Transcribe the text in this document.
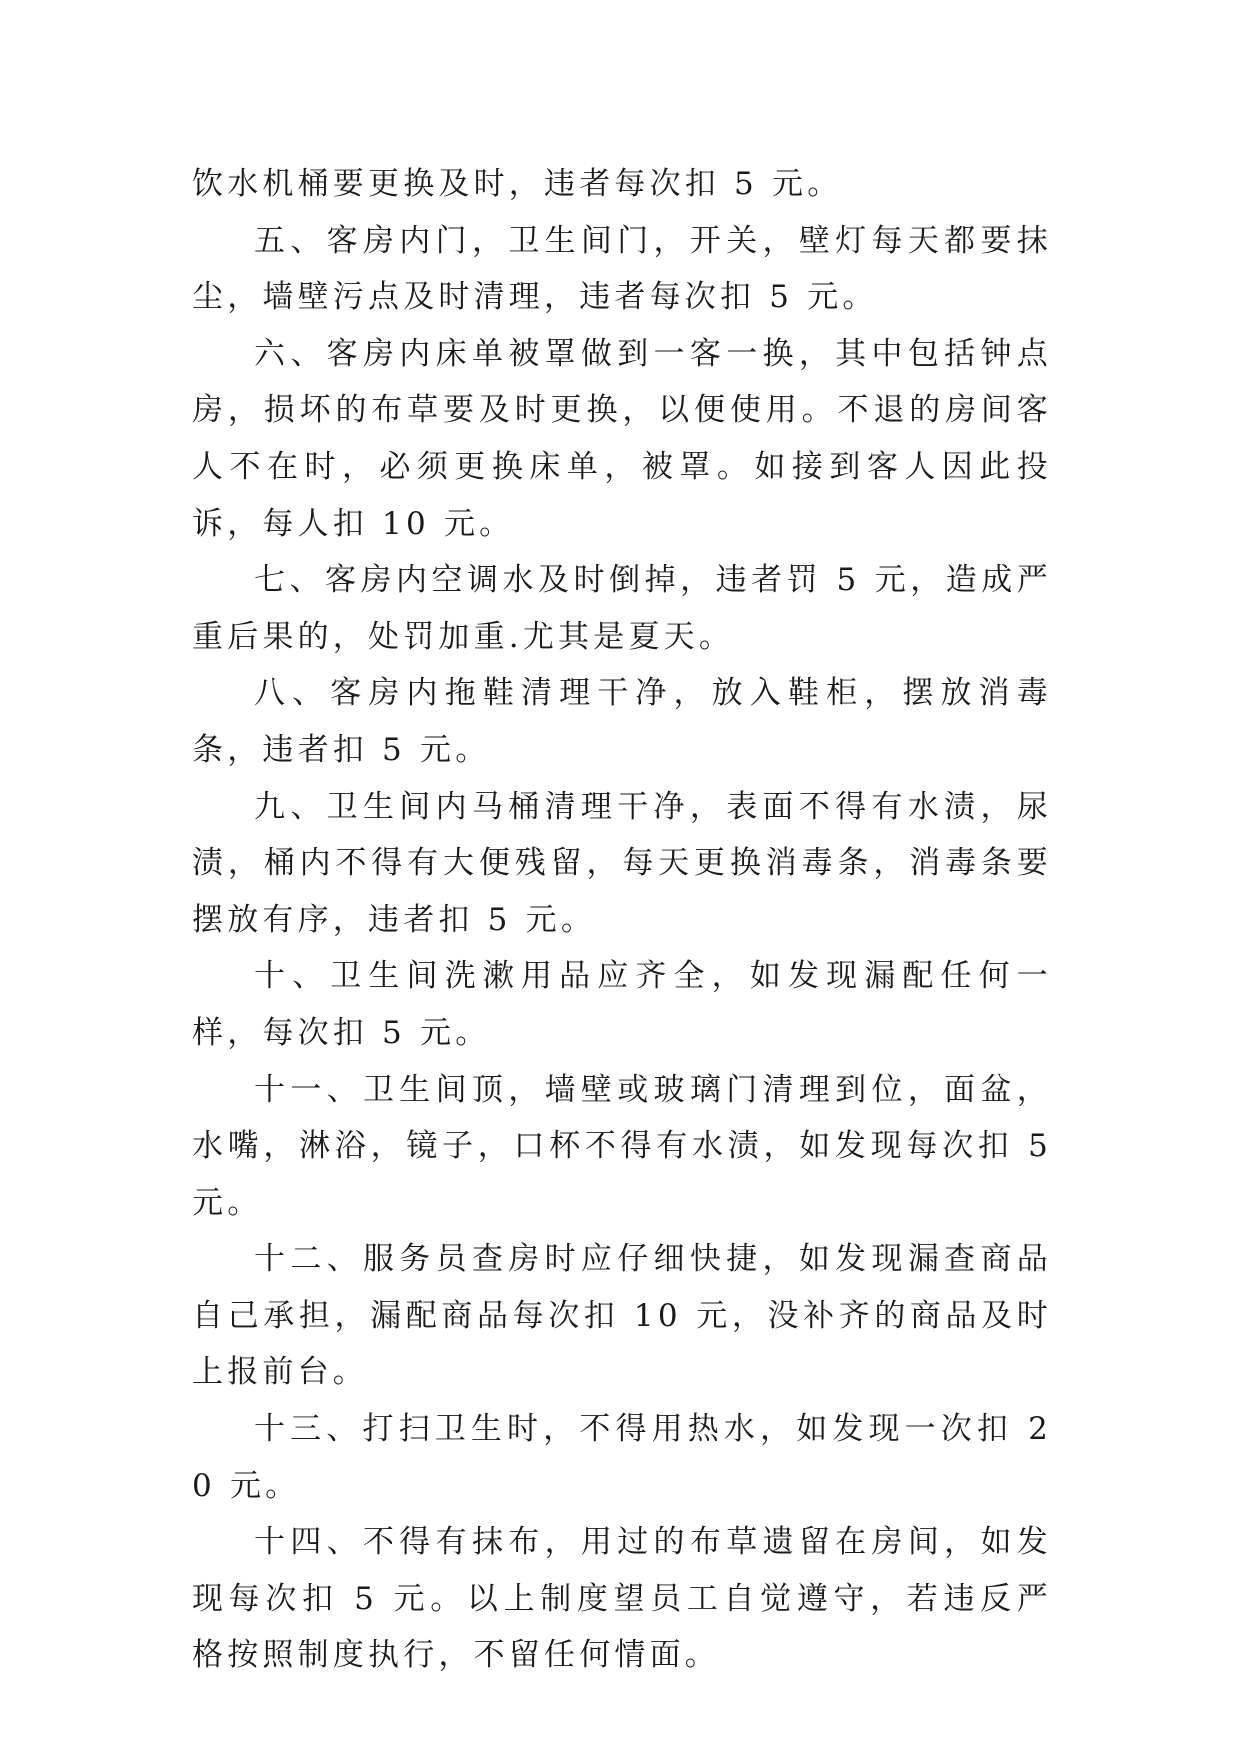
饮水机桶要更换及时，违者每次扣 5 元。

五、客房内门，卫生间门，开关，壁灯每天都要抹尘，墙壁污点及时清理，违者每次扣 5 元。

六、客房内床单被罩做到一客一换，其中包括钟点房，损坏的布草要及时更换，以便使用。不退的房间客人不在时，必须更换床单，被罩。如接到客人因此投诉，每人扣 10 元。

七、客房内空调水及时倒掉，违者罚 5 元，造成严重后果的，处罚加重.尤其是夏天。

八、客房内拖鞋清理干净，放入鞋柜，摆放消毒条，违者扣 5 元。

九、卫生间内马桶清理干净，表面不得有水渍，尿渍，桶内不得有大便残留，每天更换消毒条，消毒条要摆放有序，违者扣 5 元。

十、卫生间洗漱用品应齐全，如发现漏配任何一样，每次扣 5 元。

十一、卫生间顶，墙壁或玻璃门清理到位，面盆，水嘴，淋浴，镜子，口杯不得有水渍，如发现每次扣 5 元。

十二、服务员查房时应仔细快捷，如发现漏查商品自己承担，漏配商品每次扣 10 元，没补齐的商品及时上报前台。

十三、打扫卫生时，不得用热水，如发现一次扣 20 元。

十四、不得有抹布，用过的布草遗留在房间，如发现每次扣 5 元。以上制度望员工自觉遵守，若违反严格按照制度执行，不留任何情面。
